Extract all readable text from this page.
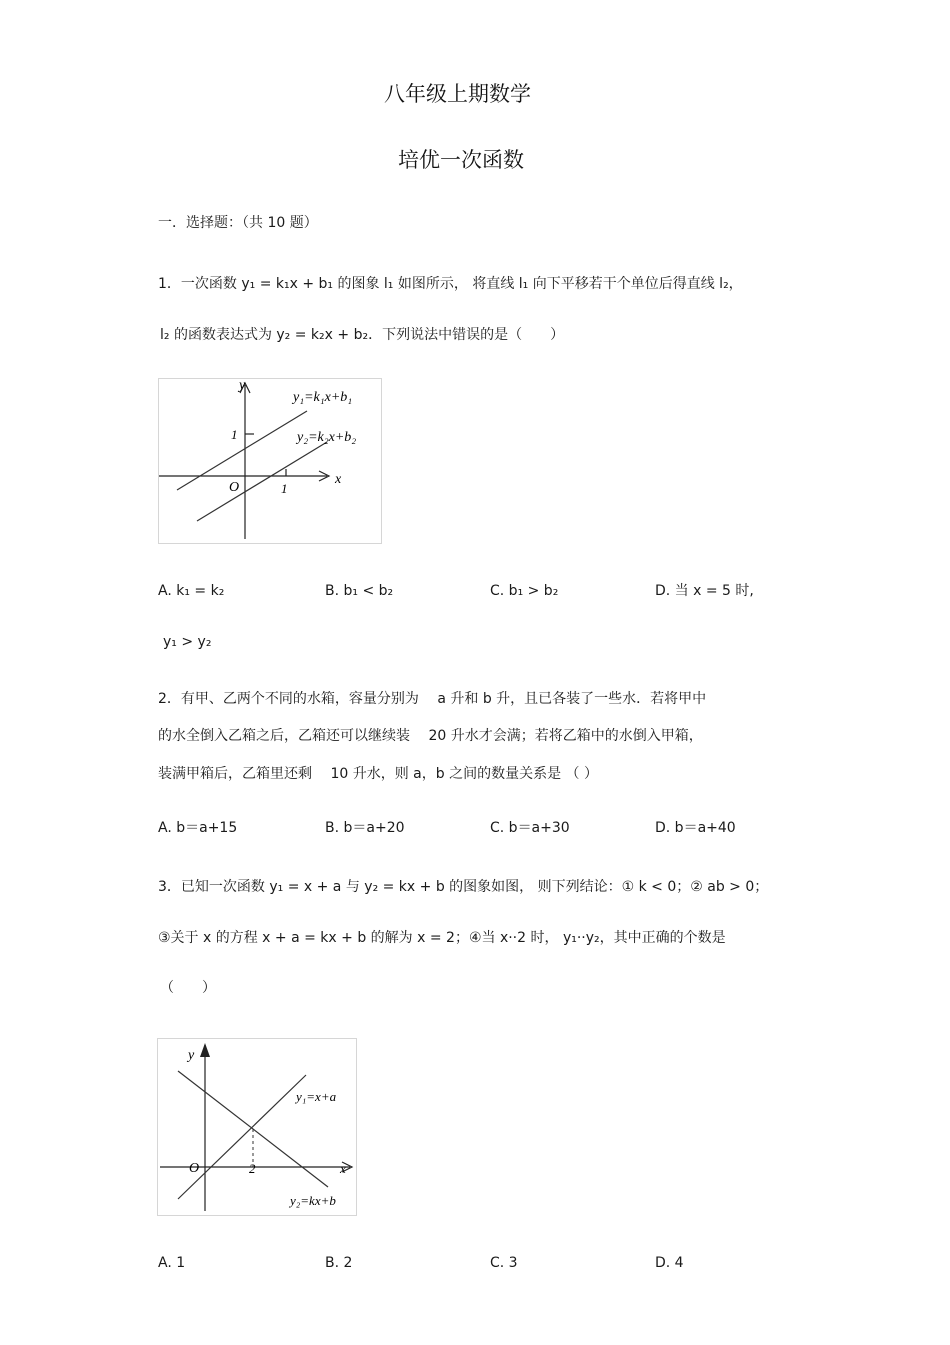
八年级上期数学
培优一次函数
一．选择题：（共 10 题）
1．一次函数 y₁ = k₁x + b₁ 的图象 l₁ 如图所示， 将直线 l₁ 向下平移若干个单位后得直线 l₂，
l₂ 的函数表达式为 y₂ = k₂x + b₂．下列说法中错误的是（　　）
y
x
O
1
1
y₁=k₁x+b₁
y₂=k₂x+b₂
A. k₁ = k₂	B. b₁ < b₂	C. b₁ > b₂	D. 当 x = 5 时,
y₁ > y₂
2．有甲、乙两个不同的水箱，容量分别为 　a 升和 b 升，且已各装了一些水．若将甲中
的水全倒入乙箱之后，乙箱还可以继续装 　20 升水才会满；若将乙箱中的水倒入甲箱，
装满甲箱后，乙箱里还剩 　10 升水，则 a，b 之间的数量关系是 （ ）
A. b＝a+15	B. b＝a+20	C. b＝a+30	D. b＝a+40
3．已知一次函数 y₁ = x + a 与 y₂ = kx + b 的图象如图， 则下列结论：① k < 0；② ab > 0；
③关于 x 的方程 x + a = kx + b 的解为 x = 2；④当 x··2 时， y₁··y₂，其中正确的个数是
（　　）
y
x
O	2
y₁=x+a
y₂=kx+b
A. 1	B. 2	C. 3	D. 4
